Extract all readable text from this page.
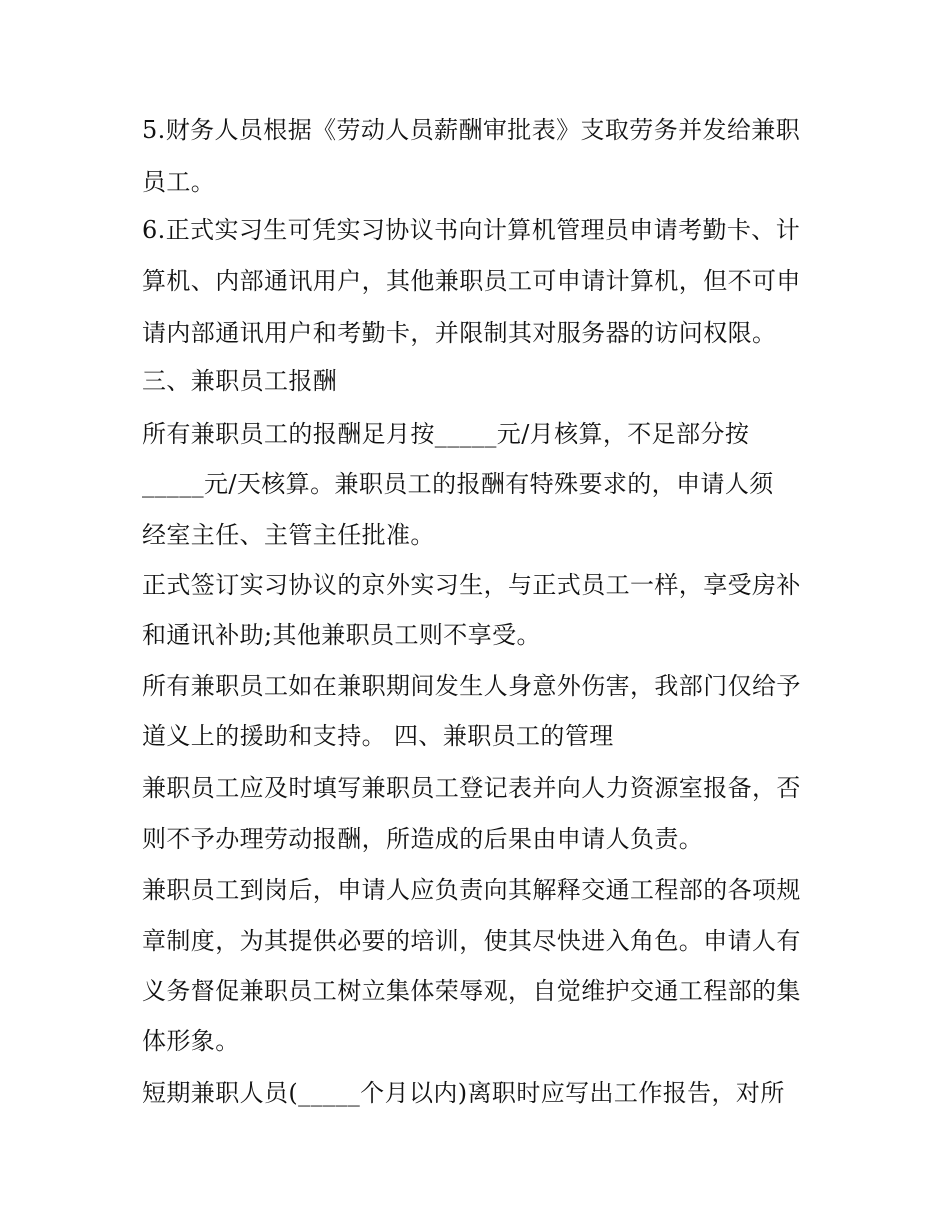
5.财务人员根据《劳动人员薪酬审批表》支取劳务并发给兼职

员工。

6.正式实习生可凭实习协议书向计算机管理员申请考勤卡、计

算机、内部通讯用户，其他兼职员工可申请计算机，但不可申

请内部通讯用户和考勤卡，并限制其对服务器的访问权限。

三、兼职员工报酬

所有兼职员工的报酬足月按_____元/月核算，不足部分按

_____元/天核算。兼职员工的报酬有特殊要求的，申请人须

经室主任、主管主任批准。

正式签订实习协议的京外实习生，与正式员工一样，享受房补

和通讯补助;其他兼职员工则不享受。

所有兼职员工如在兼职期间发生人身意外伤害，我部门仅给予

道义上的援助和支持。 四、兼职员工的管理

兼职员工应及时填写兼职员工登记表并向人力资源室报备，否

则不予办理劳动报酬，所造成的后果由申请人负责。

兼职员工到岗后，申请人应负责向其解释交通工程部的各项规

章制度，为其提供必要的培训，使其尽快进入角色。申请人有

义务督促兼职员工树立集体荣辱观，自觉维护交通工程部的集

体形象。

短期兼职人员(_____个月以内)离职时应写出工作报告，对所
